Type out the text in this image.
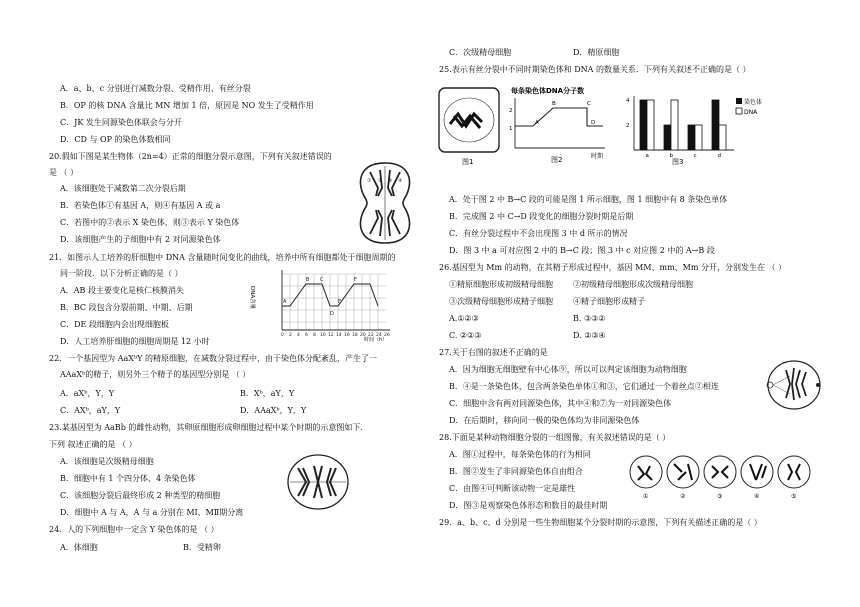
A．a、b、c 分别进行减数分裂、受精作用、有丝分裂
B．OP 的核 DNA 含量比 MN 增加 1 倍，原因是 NO 发生了受精作用
C．JK 发生同源染色体联会与分开
D．CD 与 OP 的染色体数相同
20.假如下图是某生物体（2n=4）正常的细胞分裂示意图，下列有关叙述错误的
是 （ ）
A．该细胞处于减数第二次分裂后期
B．若染色体①有基因 A，则④有基因 A 或 a
C．若图中的②表示 X 染色体，则③表示 Y 染色体
D．该细胞产生的子细胞中有 2 对同源染色体
① ② ③ ④
21．如图示人工培养的肝细胞中 DNA 含量随时间变化的曲线，培养中所有细胞都处于细胞周期的
同一阶段．以下分析正确的是（ ）
A．AB 段主要变化是核仁核膜消失
B．BC 段包含分裂前期、中期、后期
C．DE 段细胞内会出现细胞板
D．人工培养肝细胞的细胞周期是 12 小时
DNA含量
0 2 4 6 8 10 12 14 16 18 20 22 24 26
时间（h）
A
B C
D
E
F
22．一个基因型为 AaXᵇY 的精原细胞，在减数分裂过程中，由于染色体分配紊乱，产生了一
AAaXᵇ的精子，则另外三个精子的基因型分别是 （ ）
A．aXᵇ，Y，Y	B．Xᵇ，aY，Y
C．AXᵇ，aY，Y	D．AAaXᵇ，Y，Y
23.某基因型为 AaBb 的雌性动物，其卵原细胞形成卵细胞过程中某个时期的示意图如下.
下列 叙述正确的是 （ ）
A．该细胞是次级精母细胞
B．细胞中有 1 个四分体、4 条染色体
C．该细胞分裂后最终形成 2 种类型的精细胞
D．细胞中 A 与 A，A 与 a 分别在 MⅠ、MⅡ期分离
24．人的下列细胞中一定含 Y 染色体的是 （ ）
A．体细胞	B．受精卵
C．次级精母细胞	D．精原细胞
25.表示有丝分裂中不同时期染色体和 DNA 的数量关系．下列有关叙述不正确的是（ ）
图1
每条染色体DNA分子数
2
1
A
B	C
D
图2	时期
2
4
a	b	c	d
染色体
DNA
图3
A．处于图 2 中 B→C 段的可能是图 1 所示细胞，图 1 细胞中有 8 条染色单体
B．完成图 2 中 C→D 段变化的细胞分裂时期是后期
C．有丝分裂过程中不会出现图 3 中 d 所示的情况
D．图 3 中 a 可对应图 2 中的 B→C 段；图 3 中 c 对应图 2 中的 A→B 段
26.基因型为 Mm 的动物，在其精子形成过程中，基因 MM、mm、Mm 分开，分别发生在 （ ）
①精原细胞形成初级精母细胞	②初级精母细胞形成次级精母细胞
③次级精母细胞形成精子细胞	④精子细胞形成精子
A.①②③	B. ③③②
C. ②②③	D. ②③④
27.关于右图的叙述不正确的是
A．因为细胞无细胞壁有中心体⑨，所以可以判定该细胞为动物细胞
B．④是一条染色体，包含两条染色单体①和③，它们通过一个着丝点②相连
C．细胞中含有两对同源染色体，其中④和⑦为一对同源染色体
D．在后期时，移向同一极的染色体均为非同源染色体
28.下面是某种动物细胞分裂的一组图像，有关叙述错误的是（ ）
A．图①过程中，每条染色体的行为相同
B．图②发生了非同源染色体自由组合
C．由图④可判断该动物一定是雄性
D．图③是观察染色体形态和数目的最佳时期
①	②	③	④	⑤
29．a、b、c、d 分别是一些生物细胞某个分裂时期的示意图，下列有关描述正确的是（ ）
